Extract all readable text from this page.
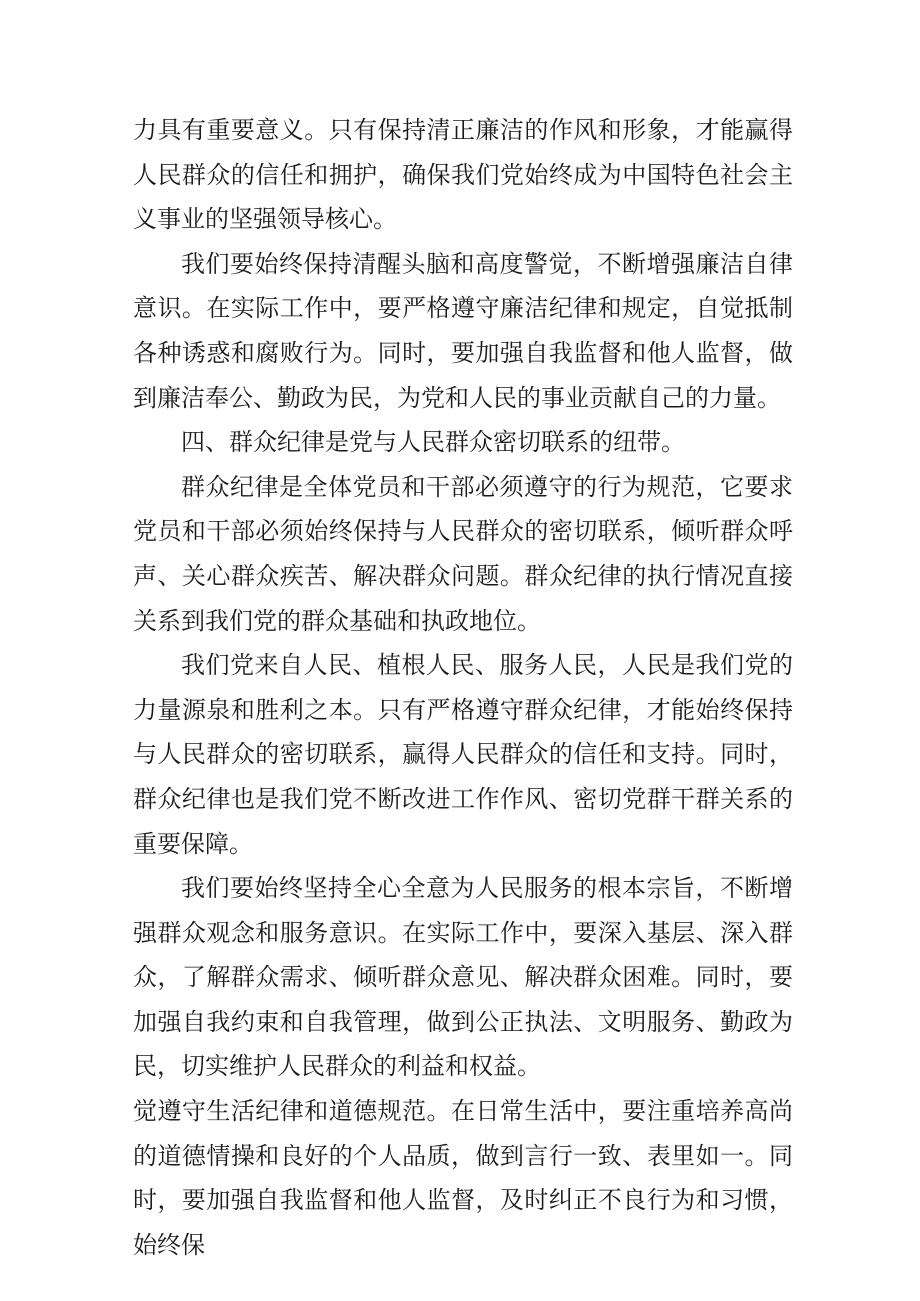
力具有重要意义。只有保持清正廉洁的作风和形象，才能赢得人民群众的信任和拥护，确保我们党始终成为中国特色社会主义事业的坚强领导核心。

我们要始终保持清醒头脑和高度警觉，不断增强廉洁自律意识。在实际工作中，要严格遵守廉洁纪律和规定，自觉抵制各种诱惑和腐败行为。同时，要加强自我监督和他人监督，做到廉洁奉公、勤政为民，为党和人民的事业贡献自己的力量。

四、群众纪律是党与人民群众密切联系的纽带。

群众纪律是全体党员和干部必须遵守的行为规范，它要求党员和干部必须始终保持与人民群众的密切联系，倾听群众呼声、关心群众疾苦、解决群众问题。群众纪律的执行情况直接关系到我们党的群众基础和执政地位。

我们党来自人民、植根人民、服务人民，人民是我们党的力量源泉和胜利之本。只有严格遵守群众纪律，才能始终保持与人民群众的密切联系，赢得人民群众的信任和支持。同时，群众纪律也是我们党不断改进工作作风、密切党群干群关系的重要保障。

我们要始终坚持全心全意为人民服务的根本宗旨，不断增强群众观念和服务意识。在实际工作中，要深入基层、深入群众，了解群众需求、倾听群众意见、解决群众困难。同时，要加强自我约束和自我管理，做到公正执法、文明服务、勤政为民，切实维护人民群众的利益和权益。

觉遵守生活纪律和道德规范。在日常生活中，要注重培养高尚的道德情操和良好的个人品质，做到言行一致、表里如一。同时，要加强自我监督和他人监督，及时纠正不良行为和习惯，始终保
